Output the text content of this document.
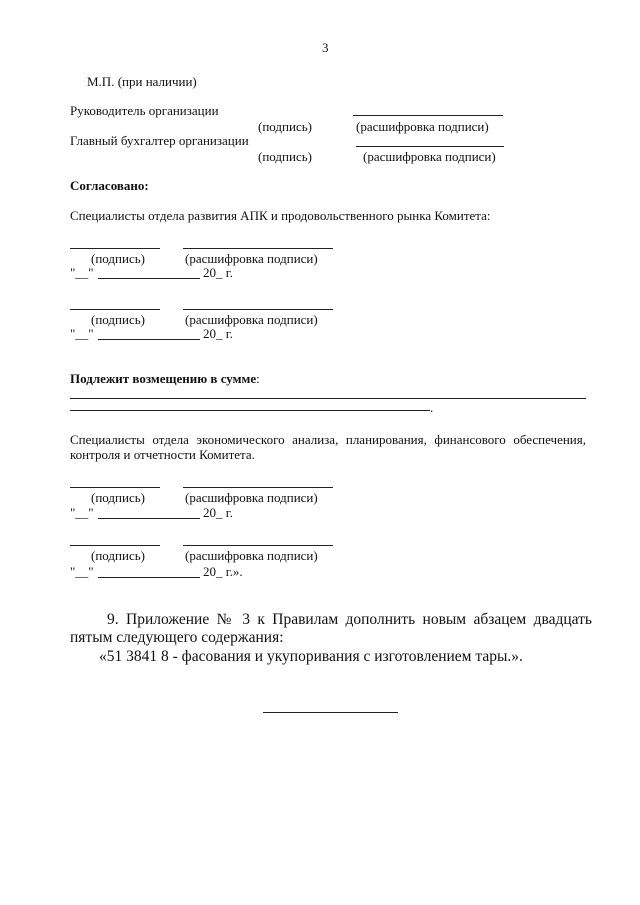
3
М.П. (при наличии)
Руководитель организации
(подпись)	(расшифровка подписи)
Главный бухгалтер организации
(подпись)	(расшифровка подписи)
Согласовано:
Специалисты отдела развития АПК и продовольственного рынка Комитета:
(подпись)	(расшифровка подписи)
"__"	20_ г.
(подпись)	(расшифровка подписи)
"__"	20_ г.
Подлежит возмещению в сумме:
.
Специалисты отдела экономического анализа, планирования, финансового обеспечения,
контроля и отчетности Комитета.
(подпись)	(расшифровка подписи)
"__"	20_ г.
(подпись)	(расшифровка подписи)
"__"	20_ г.».
9. Приложение № 3 к Правилам дополнить новым абзацем двадцать
пятым следующего содержания:
«51 3841 8 - фасования и укупоривания с изготовлением тары.».
